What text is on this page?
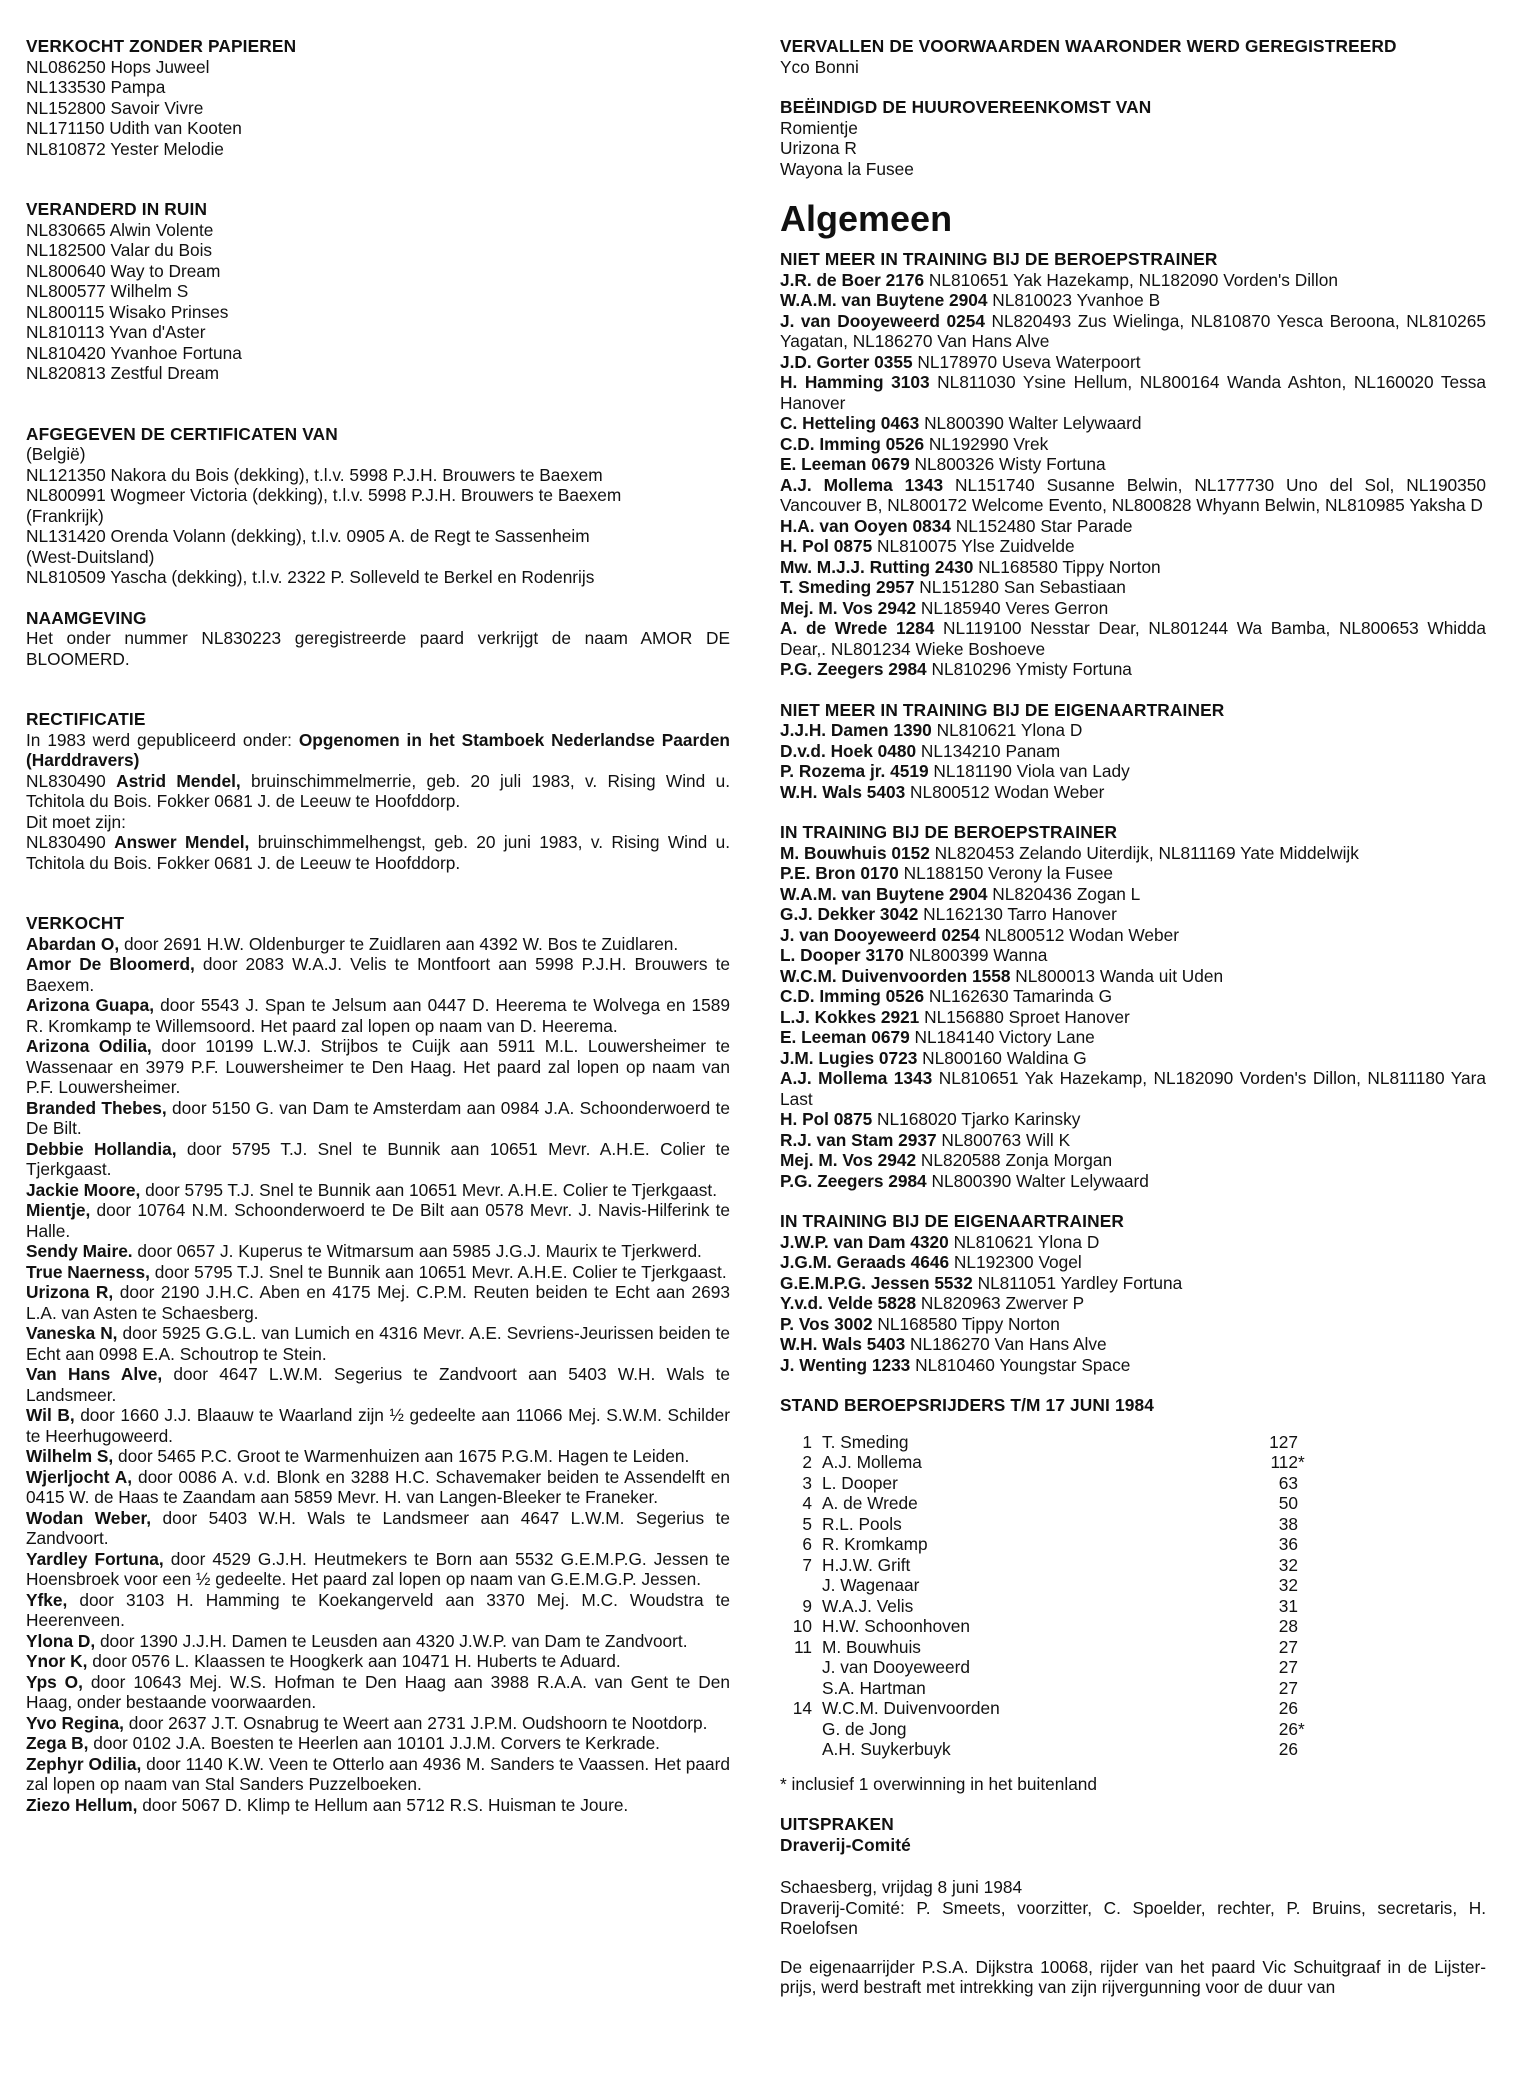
VERKOCHT ZONDER PAPIEREN
NL086250 Hops Juweel
NL133530 Pampa
NL152800 Savoir Vivre
NL171150 Udith van Kooten
NL810872 Yester Melodie
VERANDERD IN RUIN
NL830665 Alwin Volente
NL182500 Valar du Bois
NL800640 Way to Dream
NL800577 Wilhelm S
NL800115 Wisako Prinses
NL810113 Yvan d'Aster
NL810420 Yvanhoe Fortuna
NL820813 Zestful Dream
AFGEGEVEN DE CERTIFICATEN VAN
(België)
NL121350 Nakora du Bois (dekking), t.l.v. 5998 P.J.H. Brouwers te Baexem
NL800991 Wogmeer Victoria (dekking), t.l.v. 5998 P.J.H. Brouwers te Baexem
(Frankrijk)
NL131420 Orenda Volann (dekking), t.l.v. 0905 A. de Regt te Sassenheim
(West-Duitsland)
NL810509 Yascha (dekking), t.l.v. 2322 P. Solleveld te Berkel en Rodenrijs
NAAMGEVING

Het onder nummer NL830223 geregistreerde paard verkrijgt de naam AMOR DE BLOOMERD.

RECTIFICATIE

In 1983 werd gepubliceerd onder: Opgenomen in het Stamboek Nederlandse Paarden (Harddravers)

NL830490 Astrid Mendel, bruinschimmelmerrie, geb. 20 juli 1983, v. Rising Wind u. Tchitola du Bois. Fokker 0681 J. de Leeuw te Hoofddorp.

Dit moet zijn:

NL830490 Answer Mendel, bruinschimmelhengst, geb. 20 juni 1983, v. Rising Wind u. Tchitola du Bois. Fokker 0681 J. de Leeuw te Hoofddorp.

VERKOCHT

Abardan O, door 2691 H.W. Oldenburger te Zuidlaren aan 4392 W. Bos te Zuidlaren.

Amor De Bloomerd, door 2083 W.A.J. Velis te Montfoort aan 5998 P.J.H. Brouwers te Baexem.

Arizona Guapa, door 5543 J. Span te Jelsum aan 0447 D. Heerema te Wolvega en 1589 R. Kromkamp te Willemsoord. Het paard zal lopen op naam van D. Heerema.

Arizona Odilia, door 10199 L.W.J. Strijbos te Cuijk aan 5911 M.L. Louwersheimer te Wassenaar en 3979 P.F. Louwersheimer te Den Haag. Het paard zal lopen op naam van P.F. Louwersheimer.

Branded Thebes, door 5150 G. van Dam te Amsterdam aan 0984 J.A. Schoonderwoerd te De Bilt.

Debbie Hollandia, door 5795 T.J. Snel te Bunnik aan 10651 Mevr. A.H.E. Colier te Tjerkgaast.

Jackie Moore, door 5795 T.J. Snel te Bunnik aan 10651 Mevr. A.H.E. Colier te Tjerkgaast.

Mientje, door 10764 N.M. Schoonderwoerd te De Bilt aan 0578 Mevr. J. Navis-Hilferink te Halle.

Sendy Maire. door 0657 J. Kuperus te Witmarsum aan 5985 J.G.J. Maurix te Tjerkwerd.

True Naerness, door 5795 T.J. Snel te Bunnik aan 10651 Mevr. A.H.E. Colier te Tjerkgaast.

Urizona R, door 2190 J.H.C. Aben en 4175 Mej. C.P.M. Reuten beiden te Echt aan 2693 L.A. van Asten te Schaesberg.

Vaneska N, door 5925 G.G.L. van Lumich en 4316 Mevr. A.E. Sevriens-Jeurissen beiden te Echt aan 0998 E.A. Schoutrop te Stein.

Van Hans Alve, door 4647 L.W.M. Segerius te Zandvoort aan 5403 W.H. Wals te Landsmeer.

Wil B, door 1660 J.J. Blaauw te Waarland zijn ½ gedeelte aan 11066 Mej. S.W.M. Schilder te Heerhugoweerd.

Wilhelm S, door 5465 P.C. Groot te Warmenhuizen aan 1675 P.G.M. Hagen te Leiden.

Wjerljocht A, door 0086 A. v.d. Blonk en 3288 H.C. Schavemaker beiden te Assendelft en 0415 W. de Haas te Zaandam aan 5859 Mevr. H. van Langen-Bleeker te Franeker.

Wodan Weber, door 5403 W.H. Wals te Landsmeer aan 4647 L.W.M. Segerius te Zandvoort.

Yardley Fortuna, door 4529 G.J.H. Heutmekers te Born aan 5532 G.E.M.P.G. Jessen te Hoensbroek voor een ½ gedeelte. Het paard zal lopen op naam van G.E.M.G.P. Jessen.

Yfke, door 3103 H. Hamming te Koekangerveld aan 3370 Mej. M.C. Woudstra te Heerenveen.

Ylona D, door 1390 J.J.H. Damen te Leusden aan 4320 J.W.P. van Dam te Zandvoort.

Ynor K, door 0576 L. Klaassen te Hoogkerk aan 10471 H. Huberts te Aduard.

Yps O, door 10643 Mej. W.S. Hofman te Den Haag aan 3988 R.A.A. van Gent te Den Haag, onder bestaande voorwaarden.

Yvo Regina, door 2637 J.T. Osnabrug te Weert aan 2731 J.P.M. Oudshoorn te Nootdorp.

Zega B, door 0102 J.A. Boesten te Heerlen aan 10101 J.J.M. Corvers te Kerkrade.

Zephyr Odilia, door 1140 K.W. Veen te Otterlo aan 4936 M. Sanders te Vaassen. Het paard zal lopen op naam van Stal Sanders Puzzelboeken.

Ziezo Hellum, door 5067 D. Klimp te Hellum aan 5712 R.S. Huisman te Joure.

VERVALLEN DE VOORWAARDEN WAARONDER WERD GEREGISTREERD
Yco Bonni
BEËINDIGD DE HUUROVEREENKOMST VAN
Romientje
Urizona R
Wayona la Fusee
Algemeen
NIET MEER IN TRAINING BIJ DE BEROEPSTRAINER

J.R. de Boer 2176 NL810651 Yak Hazekamp, NL182090 Vorden's Dillon

W.A.M. van Buytene 2904 NL810023 Yvanhoe B

J. van Dooyeweerd 0254 NL820493 Zus Wielinga, NL810870 Yesca Beroona, NL810265 Yagatan, NL186270 Van Hans Alve

J.D. Gorter 0355 NL178970 Useva Waterpoort

H. Hamming 3103 NL811030 Ysine Hellum, NL800164 Wanda Ashton, NL160020 Tessa Hanover

C. Hetteling 0463 NL800390 Walter Lelywaard

C.D. Imming 0526 NL192990 Vrek

E. Leeman 0679 NL800326 Wisty Fortuna

A.J. Mollema 1343 NL151740 Susanne Belwin, NL177730 Uno del Sol, NL190350 Vancouver B, NL800172 Welcome Evento, NL800828 Whyann Belwin, NL810985 Yaksha D

H.A. van Ooyen 0834 NL152480 Star Parade

H. Pol 0875 NL810075 Ylse Zuidvelde

Mw. M.J.J. Rutting 2430 NL168580 Tippy Norton

T. Smeding 2957 NL151280 San Sebastiaan

Mej. M. Vos 2942 NL185940 Veres Gerron

A. de Wrede 1284 NL119100 Nesstar Dear, NL801244 Wa Bamba, NL800653 Whidda Dear,. NL801234 Wieke Boshoeve

P.G. Zeegers 2984 NL810296 Ymisty Fortuna

NIET MEER IN TRAINING BIJ DE EIGENAARTRAINER

J.J.H. Damen 1390 NL810621 Ylona D

D.v.d. Hoek 0480 NL134210 Panam

P. Rozema jr. 4519 NL181190 Viola van Lady

W.H. Wals 5403 NL800512 Wodan Weber

IN TRAINING BIJ DE BEROEPSTRAINER

M. Bouwhuis 0152 NL820453 Zelando Uiterdijk, NL811169 Yate Middelwijk

P.E. Bron 0170 NL188150 Verony la Fusee

W.A.M. van Buytene 2904 NL820436 Zogan L

G.J. Dekker 3042 NL162130 Tarro Hanover

J. van Dooyeweerd 0254 NL800512 Wodan Weber

L. Dooper 3170 NL800399 Wanna

W.C.M. Duivenvoorden 1558 NL800013 Wanda uit Uden

C.D. Imming 0526 NL162630 Tamarinda G

L.J. Kokkes 2921 NL156880 Sproet Hanover

E. Leeman 0679 NL184140 Victory Lane

J.M. Lugies 0723 NL800160 Waldina G

A.J. Mollema 1343 NL810651 Yak Hazekamp, NL182090 Vorden's Dillon, NL811180 Yara Last

H. Pol 0875 NL168020 Tjarko Karinsky

R.J. van Stam 2937 NL800763 Will K

Mej. M. Vos 2942 NL820588 Zonja Morgan

P.G. Zeegers 2984 NL800390 Walter Lelywaard

IN TRAINING BIJ DE EIGENAARTRAINER

J.W.P. van Dam 4320 NL810621 Ylona D

J.G.M. Geraads 4646 NL192300 Vogel

G.E.M.P.G. Jessen 5532 NL811051 Yardley Fortuna

Y.v.d. Velde 5828 NL820963 Zwerver P

P. Vos 3002 NL168580 Tippy Norton

W.H. Wals 5403 NL186270 Van Hans Alve

J. Wenting 1233 NL810460 Youngstar Space

STAND BEROEPSRIJDERS T/M 17 JUNI 1984
1	T. Smeding	127	
2	A.J. Mollema	112	*
3	L. Dooper	63	
4	A. de Wrede	50	
5	R.L. Pools	38	
6	R. Kromkamp	36	
7	H.J.W. Grift	32	
	J. Wagenaar	32	
9	W.A.J. Velis	31	
10	H.W. Schoonhoven	28	
11	M. Bouwhuis	27	
	J. van Dooyeweerd	27	
	S.A. Hartman	27	
14	W.C.M. Duivenvoorden	26	
	G. de Jong	26	*
	A.H. Suykerbuyk	26	
* inclusief 1 overwinning in het buitenland
UITSPRAKEN
Draverij-Comité
Schaesberg, vrijdag 8 juni 1984

Draverij-Comité: P. Smeets, voorzitter, C. Spoelder, rechter, P. Bruins, secretaris, H. Roelofsen

De eigenaarrijder P.S.A. Dijkstra 10068, rijder van het paard Vic Schuitgraaf in de Lijster-prijs, werd bestraft met intrekking van zijn rijvergunning voor de duur van
